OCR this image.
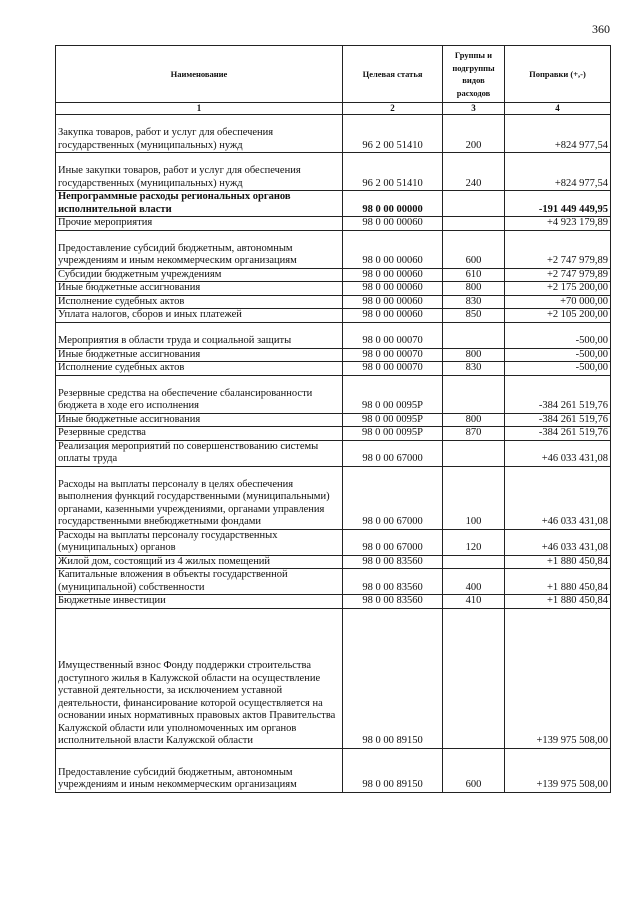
360
Наименование	Целевая статья	Группы и подгруппы видов расходов	Поправки (+,-)
1	2	3	4
Закупка товаров, работ и услуг для обеспечения государственных (муниципальных) нужд	96 2 00 51410	200	+824 977,54
Иные закупки товаров, работ и услуг для обеспечения государственных (муниципальных) нужд	96 2 00 51410	240	+824 977,54
Непрограммные расходы региональных органов исполнительной власти	98 0 00 00000		-191 449 449,95
Прочие мероприятия	98 0 00 00060		+4 923 179,89
Предоставление субсидий бюджетным, автономным учреждениям и иным некоммерческим организациям	98 0 00 00060	600	+2 747 979,89
Субсидии бюджетным учреждениям	98 0 00 00060	610	+2 747 979,89
Иные бюджетные ассигнования	98 0 00 00060	800	+2 175 200,00
Исполнение судебных актов	98 0 00 00060	830	+70 000,00
Уплата налогов, сборов и иных платежей	98 0 00 00060	850	+2 105 200,00
Мероприятия в области труда и социальной защиты	98 0 00 00070		-500,00
Иные бюджетные ассигнования	98 0 00 00070	800	-500,00
Исполнение судебных актов	98 0 00 00070	830	-500,00
Резервные средства на обеспечение сбалансированности бюджета в ходе его исполнения	98 0 00 0095P		-384 261 519,76
Иные бюджетные ассигнования	98 0 00 0095P	800	-384 261 519,76
Резервные средства	98 0 00 0095P	870	-384 261 519,76
Реализация мероприятий по совершенствованию системы оплаты труда	98 0 00 67000		+46 033 431,08
Расходы на выплаты персоналу в целях обеспечения выполнения функций государственными (муниципальными) органами, казенными учреждениями, органами управления государственными внебюджетными фондами	98 0 00 67000	100	+46 033 431,08
Расходы на выплаты персоналу государственных (муниципальных) органов	98 0 00 67000	120	+46 033 431,08
Жилой дом, состоящий из 4 жилых помещений	98 0 00 83560		+1 880 450,84
Капитальные вложения в объекты государственной (муниципальной) собственности	98 0 00 83560	400	+1 880 450,84
Бюджетные инвестиции	98 0 00 83560	410	+1 880 450,84
Имущественный взнос Фонду поддержки строительства доступного жилья в Калужской области на осуществление уставной деятельности, за исключением уставной деятельности, финансирование которой осуществляется на основании иных нормативных правовых актов Правительства Калужской области или уполномоченных им органов исполнительной власти Калужской области	98 0 00 89150		+139 975 508,00
Предоставление субсидий бюджетным, автономным учреждениям и иным некоммерческим организациям	98 0 00 89150	600	+139 975 508,00
